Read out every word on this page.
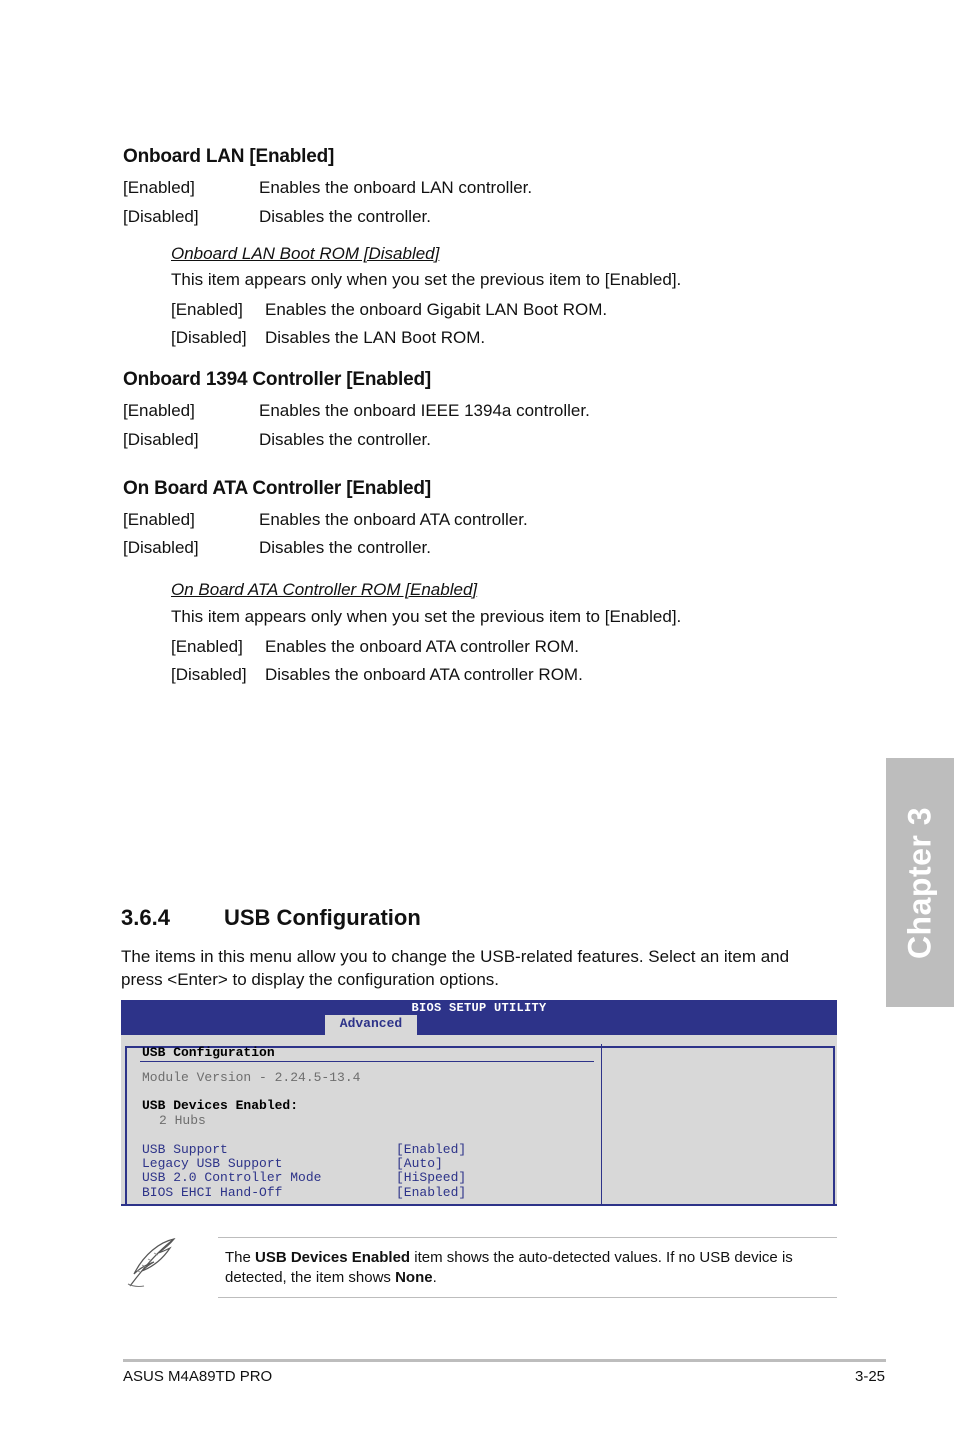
Onboard LAN [Enabled]
[Enabled]	Enables the onboard LAN controller.
[Disabled]	Disables the controller.
Onboard LAN Boot ROM [Disabled]
This item appears only when you set the previous item to [Enabled].
[Enabled] Enables the onboard Gigabit LAN Boot ROM.
[Disabled] Disables the LAN Boot ROM.
Onboard 1394 Controller [Enabled]
[Enabled]	Enables the onboard IEEE 1394a controller.
[Disabled]	Disables the controller.
On Board ATA Controller [Enabled]
[Enabled]	Enables the onboard ATA controller.
[Disabled]	Disables the controller.
On Board ATA Controller ROM [Enabled]
This item appears only when you set the previous item to [Enabled].
[Enabled] Enables the onboard ATA controller ROM.
[Disabled] Disables the onboard ATA controller ROM.
Chapter 3
3.6.4 USB Configuration
The items in this menu allow you to change the USB-related features. Select an item and
press <Enter> to display the configuration options.
BIOS SETUP UTILITY
Advanced
USB Configuration
Module Version - 2.24.5-13.4
USB Devices Enabled:
2 Hubs
USB Support	[Enabled]
Legacy USB Support	[Auto]
USB 2.0 Controller Mode	[HiSpeed]
BIOS EHCI Hand-Off	[Enabled]
The USB Devices Enabled item shows the auto-detected values. If no USB device is
detected, the item shows None.
ASUS M4A89TD PRO	3-25
